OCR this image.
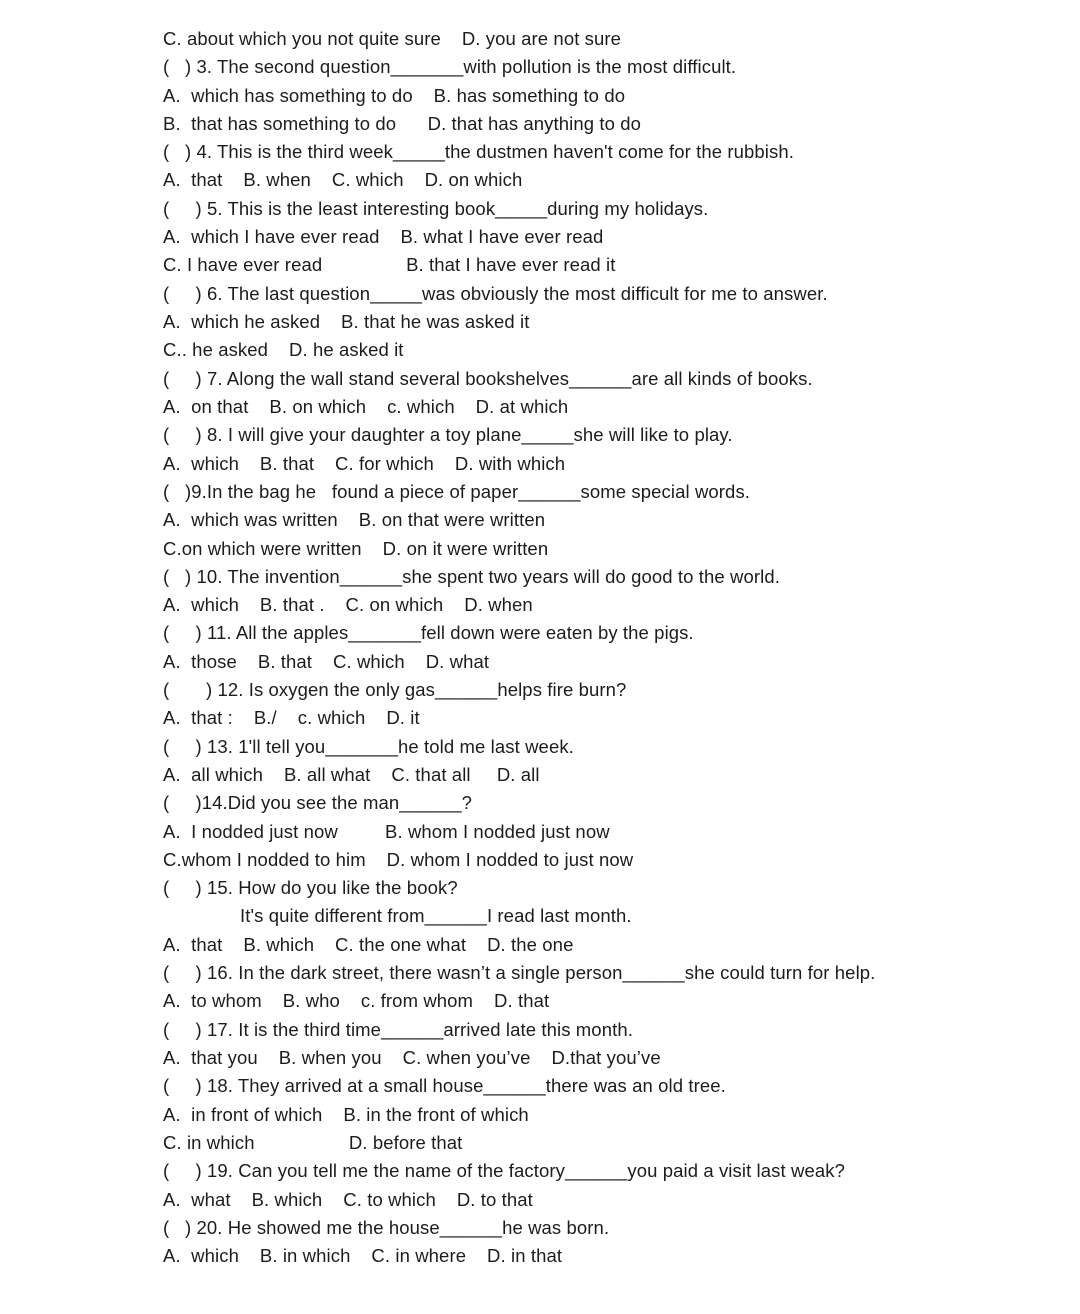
C. about which you not quite sure    D. you are not sure
(   ) 3. The second question_______with pollution is the most difficult.
A.  which has something to do    B. has something to do
B.  that has something to do      D. that has anything to do
(   ) 4. This is the third week_____the dustmen haven't come for the rubbish.
A.  that    B. when    C. which    D. on which
(     ) 5. This is the least interesting book_____during my holidays.
A.  which I have ever read    B. what I have ever read
C. I have ever read                B. that I have ever read it
(     ) 6. The last question_____was obviously the most difficult for me to answer.
A.  which he asked    B. that he was asked it
C.. he asked    D. he asked it
(     ) 7. Along the wall stand several bookshelves______are all kinds of books.
A.  on that    B. on which    c. which    D. at which
(     ) 8. I will give your daughter a toy plane_____she will like to play.
A.  which    B. that    C. for which    D. with which
(   )9.In the bag he   found a piece of paper______some special words.
A.  which was written    B. on that were written
C.on which were written    D. on it were written
(   ) 10. The invention______she spent two years will do good to the world.
A.  which    B. that .    C. on which    D. when
(     ) 11. All the apples_______fell down were eaten by the pigs.
A.  those    B. that    C. which    D. what
(       ) 12. Is oxygen the only gas______helps fire burn?
A.  that :    B./    c. which    D. it
(     ) 13. 1'll tell you_______he told me last week.
A.  all which    B. all what    C. that all     D. all
(     )14.Did you see the man______?
A.  I nodded just now         B. whom I nodded just now
C.whom I nodded to him    D. whom I nodded to just now
(     ) 15. How do you like the book?
It's quite different from______I read last month.
A.  that    B. which    C. the one what    D. the one
(     ) 16. In the dark street, there wasn’t a single person______she could turn for help.
A.  to whom    B. who    c. from whom    D. that
(     ) 17. It is the third time______arrived late this month.
A.  that you    B. when you    C. when you’ve    D.that you’ve
(     ) 18. They arrived at a small house______there was an old tree.
A.  in front of which    B. in the front of which
C. in which                  D. before that
(     ) 19. Can you tell me the name of the factory______you paid a visit last weak?
A.  what    B. which    C. to which    D. to that
(   ) 20. He showed me the house______he was born.
A.  which    B. in which    C. in where    D. in that
